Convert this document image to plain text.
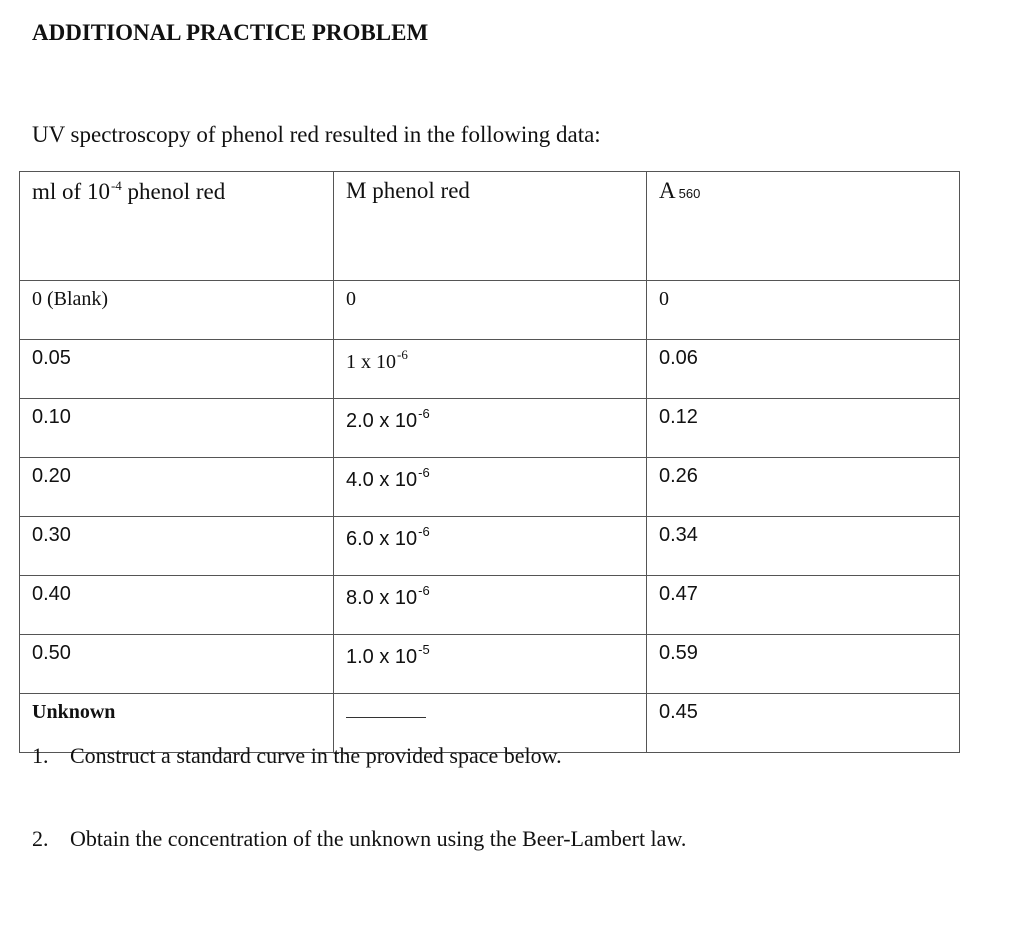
ADDITIONAL PRACTICE PROBLEM
UV spectroscopy of phenol red resulted in the following data:
ml of $10^{-4}$ phenol red	M phenol red	A 560
0 (Blank)	0	0
0.05	1 x $10^{-6}$	0.06
0.10	2.0 x $10^{-6}$	0.12
0.20	4.0 x $10^{-6}$	0.26
0.30	6.0 x $10^{-6}$	0.34
0.40	8.0 x $10^{-6}$	0.47
0.50	1.0 x $10^{-5}$	0.59
Unknown		0.45
1. Construct a standard curve in the provided space below.
2. Obtain the concentration of the unknown using the Beer-Lambert law.
